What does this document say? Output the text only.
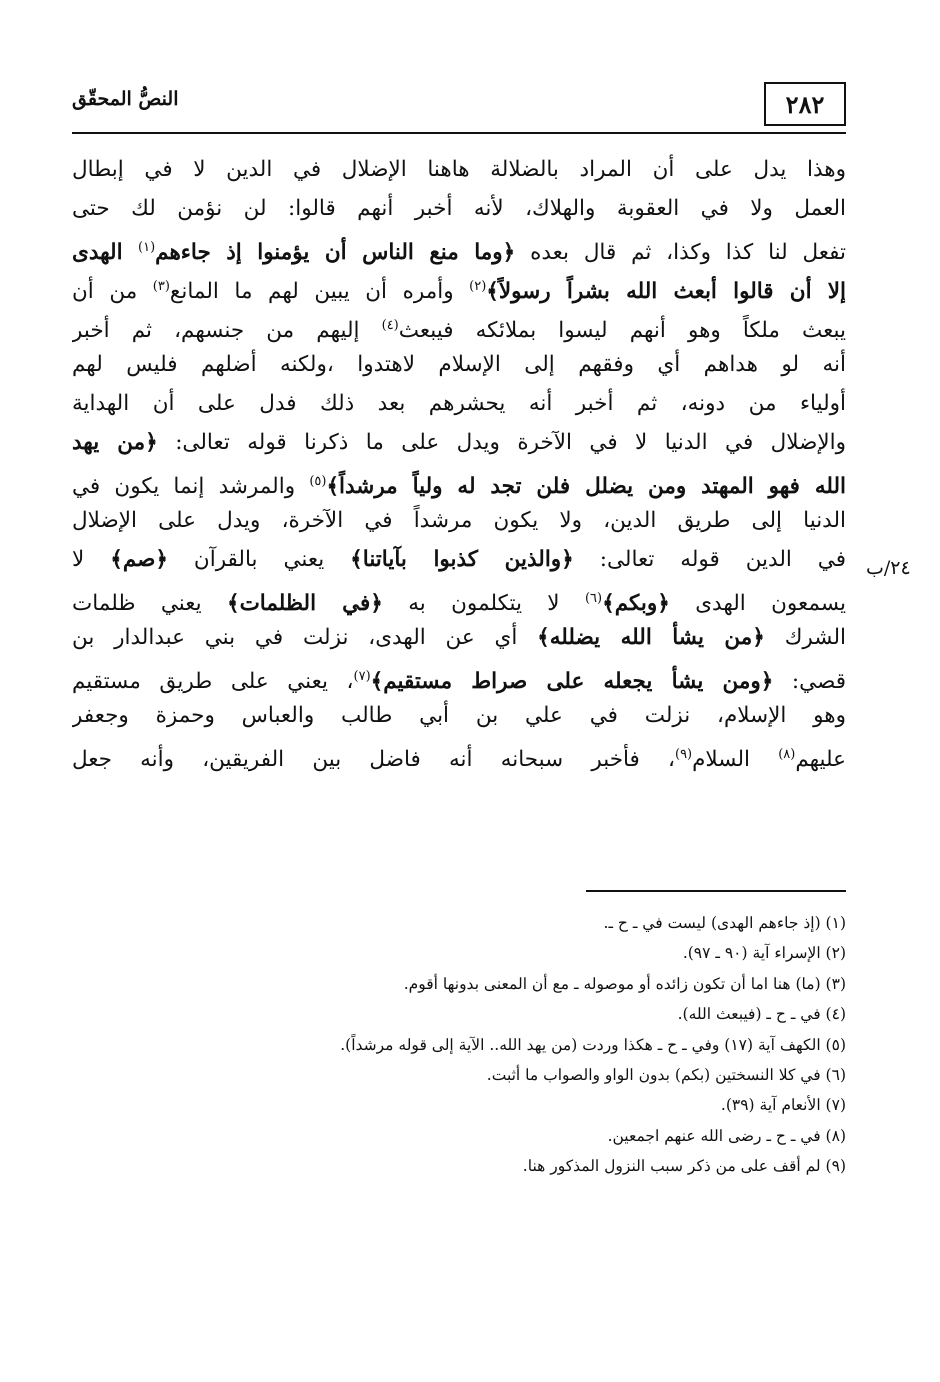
٢٨٢
النصُّ المحقّق
وهذا يدل على أن المراد بالضلالة هاهنا الإضلال في الدين لا في إبطال
العمل ولا في العقوبة والهلاك، لأنه أخبر أنهم قالوا: لن نؤمن لك حتى
تفعل لنا كذا وكذا، ثم قال بعده ﴿وما منع الناس أن يؤمنوا إذ جاءهم$^{(١)}$ الهدى
إلا أن قالوا أبعث الله بشراً رسولاً﴾$^{(٢)}$ وأمره أن يبين لهم ما المانع$^{(٣)}$ من أن
يبعث ملكاً وهو أنهم ليسوا بملائكه فيبعث$^{(٤)}$ إليهم من جنسهم، ثم أخبر
أنه لو هداهم أي وفقهم إلى الإسلام لاهتدوا ،ولكنه أضلهم فليس لهم
أولياء من دونه، ثم أخبر أنه يحشرهم بعد ذلك فدل على أن الهداية
والإضلال في الدنيا لا في الآخرة ويدل على ما ذكرنا قوله تعالى: ﴿من يهد
الله فهو المهتد ومن يضلل فلن تجد له ولياً مرشداً﴾$^{(٥)}$ والمرشد إنما يكون في
الدنيا إلى طريق الدين، ولا يكون مرشداً في الآخرة، ويدل على الإضلال
في الدين قوله تعالى: ﴿والذين كذبوا بآياتنا﴾ يعني بالقرآن ﴿صم﴾ لا
يسمعون الهدى ﴿وبكم﴾$^{(٦)}$ لا يتكلمون به ﴿في الظلمات﴾ يعني ظلمات
الشرك ﴿من يشأ الله يضلله﴾ أي عن الهدى، نزلت في بني عبدالدار بن
قصي: ﴿ومن يشأ يجعله على صراط مستقيم﴾$^{(٧)}$، يعني على طريق مستقيم
وهو الإسلام، نزلت في علي بن أبي طالب والعباس وحمزة وجعفر
عليهم$^{(٨)}$ السلام$^{(٩)}$، فأخبر سبحانه أنه فاضل بين الفريقين، وأنه جعل
٢٤/ب
(١) (إذ جاءهم الهدى) ليست في ـ ح ـ.
(٢) الإسراء آية (٩٠ ـ ٩٧).
(٣) (ما) هنا اما أن تكون زائده أو موصوله ـ مع أن المعنى بدونها أقوم.
(٤) في ـ ح ـ (فيبعث الله).
(٥) الكهف آية (١٧) وفي ـ ح ـ هكذا وردت (من يهد الله.. الآية إلى قوله مرشداً).
(٦) في كلا النسختين (بكم) بدون الواو والصواب ما أثبت.
(٧) الأنعام آية (٣٩).
(٨) في ـ ح ـ رضى الله عنهم اجمعين.
(٩) لم أقف على من ذكر سبب النزول المذكور هنا.
